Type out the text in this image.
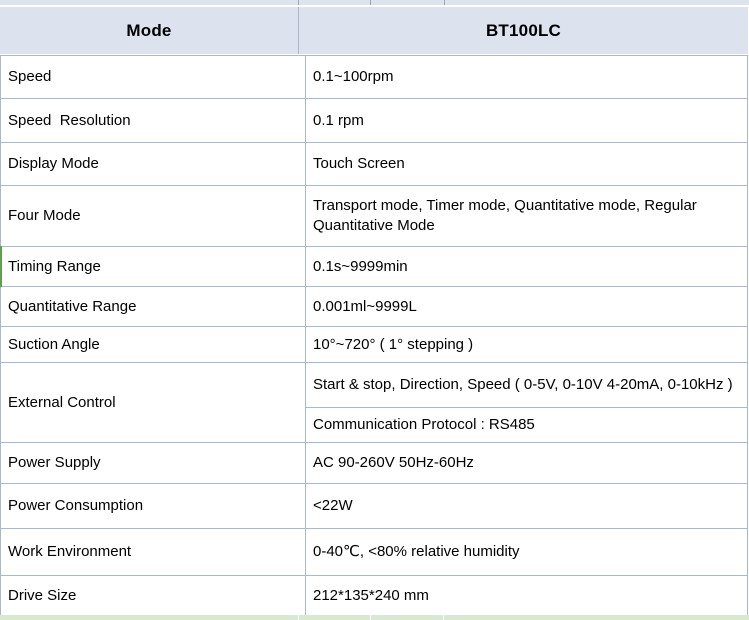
Mode	BT100LC
Speed	0.1~100rpm
Speed  Resolution	0.1 rpm
Display Mode	Touch Screen
Four Mode	Transport mode, Timer mode, Quantitative mode, Regular Quantitative Mode
Timing Range	0.1s~9999min
Quantitative Range	0.001ml~9999L
Suction Angle	10°~720° ( 1° stepping )
External Control	Start & stop, Direction, Speed ( 0-5V, 0-10V 4-20mA, 0-10kHz )
	Communication Protocol : RS485
Power Supply	AC 90-260V 50Hz-60Hz
Power Consumption	<22W
Work Environment	0-40℃, <80% relative humidity
Drive Size	212*135*240 mm
